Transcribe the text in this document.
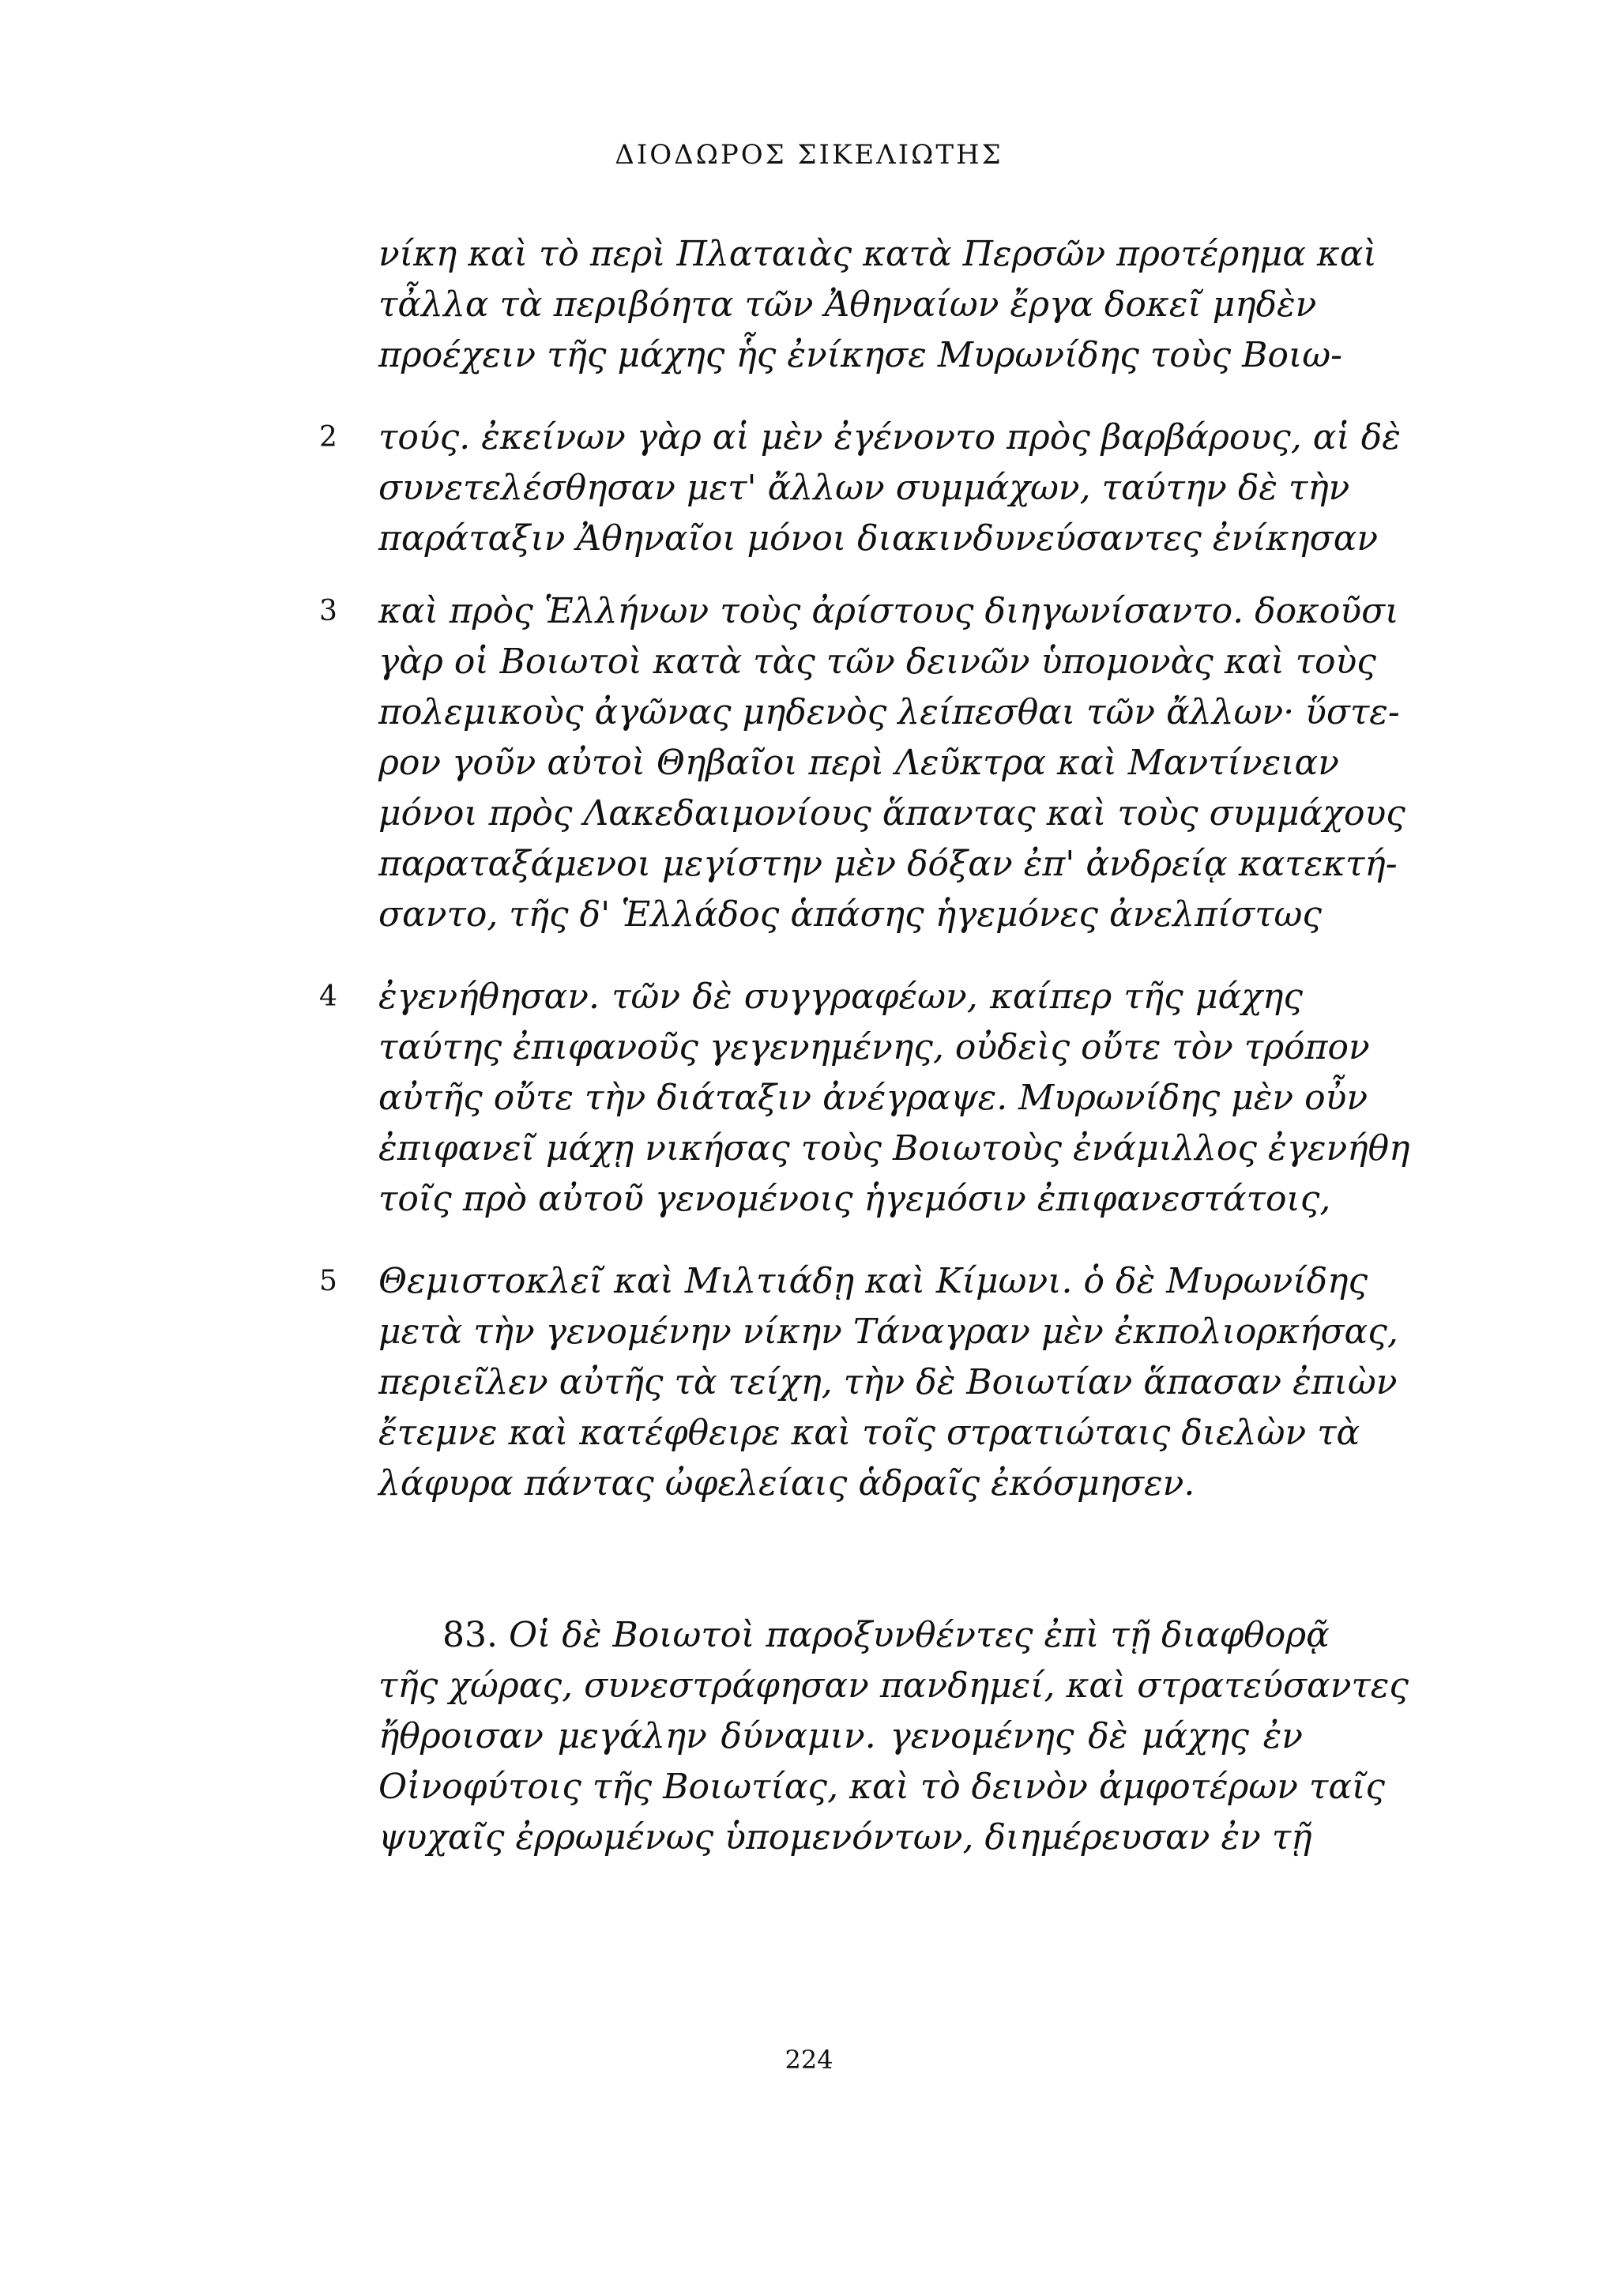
ΔΙΟΔΩΡΟΣ ΣΙΚΕΛΙΩΤΗΣ
νίκη καὶ τὸ περὶ Πλαταιὰς κατὰ Περσῶν προτέρημα καὶ
τἆλλα τὰ περιβόητα τῶν Ἀθηναίων ἔργα δοκεῖ μηδὲν
προέχειν τῆς μάχης ἧς ἐνίκησε Μυρωνίδης τοὺς Βοιω-
2 τούς. ἐκείνων γὰρ αἱ μὲν ἐγένοντο πρὸς βαρβάρους, αἱ δὲ
συνετελέσθησαν μετ' ἄλλων συμμάχων, ταύτην δὲ τὴν
παράταξιν Ἀθηναῖοι μόνοι διακινδυνεύσαντες ἐνίκησαν
3 καὶ πρὸς Ἑλλήνων τοὺς ἀρίστους διηγωνίσαντο. δοκοῦσι
γὰρ οἱ Βοιωτοὶ κατὰ τὰς τῶν δεινῶν ὑπομονὰς καὶ τοὺς
πολεμικοὺς ἀγῶνας μηδενὸς λείπεσθαι τῶν ἄλλων· ὕστε-
ρον γοῦν αὐτοὶ Θηβαῖοι περὶ Λεῦκτρα καὶ Μαντίνειαν
μόνοι πρὸς Λακεδαιμονίους ἅπαντας καὶ τοὺς συμμάχους
παραταξάμενοι μεγίστην μὲν δόξαν ἐπ' ἀνδρείᾳ κατεκτή-
σαντο, τῆς δ' Ἑλλάδος ἁπάσης ἡγεμόνες ἀνελπίστως
4 ἐγενήθησαν. τῶν δὲ συγγραφέων, καίπερ τῆς μάχης
ταύτης ἐπιφανοῦς γεγενημένης, οὐδεὶς οὔτε τὸν τρόπον
αὐτῆς οὔτε τὴν διάταξιν ἀνέγραψε. Μυρωνίδης μὲν οὖν
ἐπιφανεῖ μάχῃ νικήσας τοὺς Βοιωτοὺς ἐνάμιλλος ἐγενήθη
τοῖς πρὸ αὐτοῦ γενομένοις ἡγεμόσιν ἐπιφανεστάτοις,
5 Θεμιστοκλεῖ καὶ Μιλτιάδῃ καὶ Κίμωνι. ὁ δὲ Μυρωνίδης
μετὰ τὴν γενομένην νίκην Τάναγραν μὲν ἐκπολιορκήσας,
περιεῖλεν αὐτῆς τὰ τείχη, τὴν δὲ Βοιωτίαν ἅπασαν ἐπιὼν
ἔτεμνε καὶ κατέφθειρε καὶ τοῖς στρατιώταις διελὼν τὰ
λάφυρα πάντας ὠφελείαις ἁδραῖς ἐκόσμησεν.
83. Οἱ δὲ Βοιωτοὶ παροξυνθέντες ἐπὶ τῇ διαφθορᾷ
τῆς χώρας, συνεστράφησαν πανδημεί, καὶ στρατεύσαντες
ἤθροισαν μεγάλην δύναμιν. γενομένης δὲ μάχης ἐν
Οἰνοφύτοις τῆς Βοιωτίας, καὶ τὸ δεινὸν ἀμφοτέρων ταῖς
ψυχαῖς ἐρρωμένως ὑπομενόντων, διημέρευσαν ἐν τῇ
224
